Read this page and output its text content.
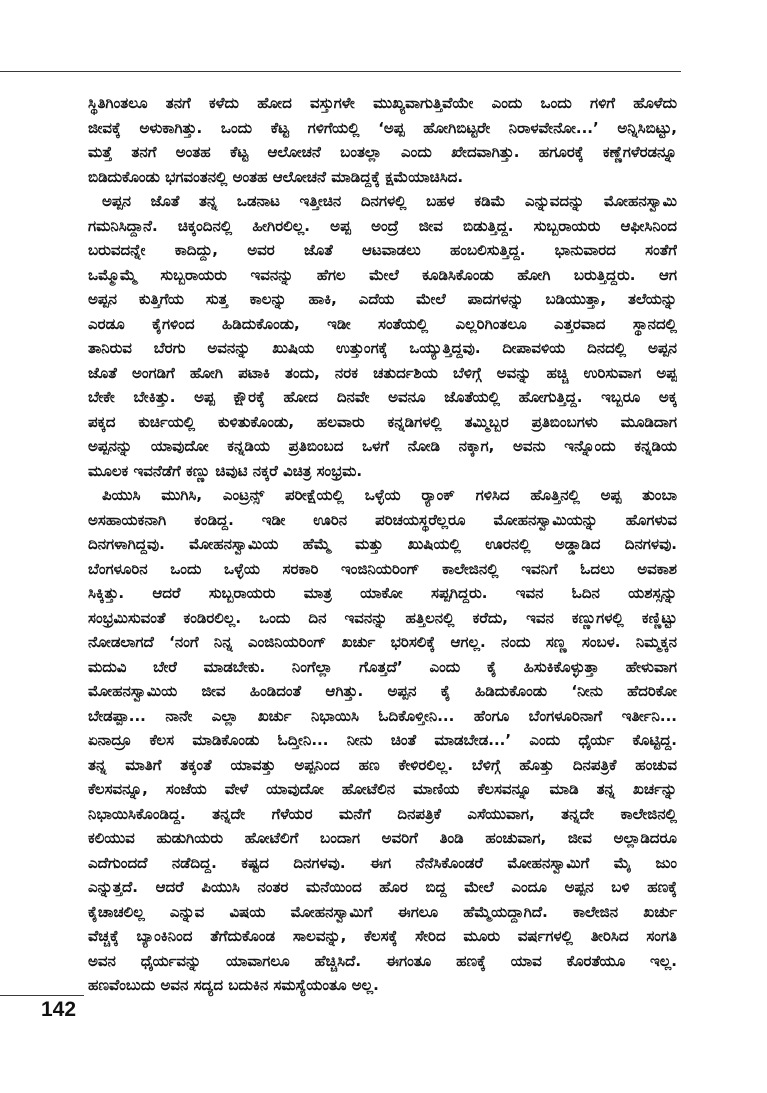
ಸ್ಥಿತಿಗಿಂತಲೂ ತನಗೆ ಕಳೆದು ಹೋದ ವಸ್ತುಗಳೇ ಮುಖ್ಯವಾಗುತ್ತಿವೆಯೇ ಎಂದು ಒಂದು ಗಳಿಗೆ ಹೊಳೆದು
ಜೀವಕ್ಕೆ ಅಳುಕಾಗಿತ್ತು. ಒಂದು ಕೆಟ್ಟ ಗಳಿಗೆಯಲ್ಲಿ ‘ಅಪ್ಪ ಹೋಗಿಬಿಟ್ಟರೇ ನಿರಾಳವೇನೋ...’ ಅನ್ನಿಸಿಬಿಟ್ಟು,
ಮತ್ತೆ ತನಗೆ ಅಂತಹ ಕೆಟ್ಟ ಆಲೋಚನೆ ಬಂತಲ್ಲಾ ಎಂದು ಖೇದವಾಗಿತ್ತು. ಹಗೂರಕ್ಕೆ ಕಣ್ಣೆಗಳೆರಡನ್ನೂ
ಬಿಡಿದುಕೊಂಡು ಭಗವಂತನಲ್ಲಿ ಅಂತಹ ಆಲೋಚನೆ ಮಾಡಿದ್ದಕ್ಕೆ ಕ್ಷಮೆಯಾಚಿಸಿದ.
ಅಪ್ಪನ ಜೊತೆ ತನ್ನ ಒಡನಾಟ ಇತ್ತೀಚಿನ ದಿನಗಳಲ್ಲಿ ಬಹಳ ಕಡಿಮೆ ಎನ್ನುವದನ್ನು ಮೋಹನಸ್ವಾಮಿ
ಗಮನಿಸಿದ್ದಾನೆ. ಚಿಕ್ಕಂದಿನಲ್ಲಿ ಹೀಗಿರಲಿಲ್ಲ. ಅಪ್ಪ ಅಂದ್ರೆ ಜೀವ ಬಿಡುತ್ತಿದ್ದ. ಸುಬ್ಬರಾಯರು ಆಫೀಸಿನಿಂದ
ಬರುವದನ್ನೇ ಕಾದಿದ್ದು, ಅವರ ಜೊತೆ ಆಟವಾಡಲು ಹಂಬಲಿಸುತ್ತಿದ್ದ. ಭಾನುವಾರದ ಸಂತೆಗೆ
ಒಮ್ಮೊಮ್ಮೆ ಸುಬ್ಬರಾಯರು ಇವನನ್ನು ಹೆಗಲ ಮೇಲೆ ಕೂಡಿಸಿಕೊಂಡು ಹೋಗಿ ಬರುತ್ತಿದ್ದರು. ಆಗ
ಅಪ್ಪನ ಕುತ್ತಿಗೆಯ ಸುತ್ತ ಕಾಲನ್ನು ಹಾಕಿ, ಎದೆಯ ಮೇಲೆ ಪಾದಗಳನ್ನು ಬಡಿಯುತ್ತಾ, ತಲೆಯನ್ನು
ಎರಡೂ ಕೈಗಳಿಂದ ಹಿಡಿದುಕೊಂಡು, ಇಡೀ ಸಂತೆಯಲ್ಲಿ ಎಲ್ಲರಿಗಿಂತಲೂ ಎತ್ತರವಾದ ಸ್ಥಾನದಲ್ಲಿ
ತಾನಿರುವ ಬೆರಗು ಅವನನ್ನು ಖುಷಿಯ ಉತ್ತುಂಗಕ್ಕೆ ಒಯ್ಯುತ್ತಿದ್ದವು. ದೀಪಾವಳಿಯ ದಿನದಲ್ಲಿ ಅಪ್ಪನ
ಜೊತೆ ಅಂಗಡಿಗೆ ಹೋಗಿ ಪಟಾಕಿ ತಂದು, ನರಕ ಚತುರ್ದಶಿಯ ಬೆಳಿಗ್ಗೆ ಅವನ್ನು ಹಚ್ಚಿ ಉರಿಸುವಾಗ ಅಪ್ಪ
ಬೇಕೇ ಬೇಕಿತ್ತು. ಅಪ್ಪ ಕ್ಷೌರಕ್ಕೆ ಹೋದ ದಿನವೇ ಅವನೂ ಜೊತೆಯಲ್ಲಿ ಹೋಗುತ್ತಿದ್ದ. ಇಬ್ಬರೂ ಅಕ್ಕ
ಪಕ್ಕದ ಕುರ್ಚಿಯಲ್ಲಿ ಕುಳಿತುಕೊಂಡು, ಹಲವಾರು ಕನ್ನಡಿಗಳಲ್ಲಿ ತಮ್ಮಿಬ್ಬರ ಪ್ರತಿಬಿಂಬಗಳು ಮೂಡಿದಾಗ
ಅಪ್ಪನನ್ನು ಯಾವುದೋ ಕನ್ನಡಿಯ ಪ್ರತಿಬಿಂಬದ ಒಳಗೆ ನೋಡಿ ನಕ್ಕಾಗ, ಅವನು ಇನ್ನೊಂದು ಕನ್ನಡಿಯ
ಮೂಲಕ ಇವನೆಡೆಗೆ ಕಣ್ಣು ಚಿವುಟಿ ನಕ್ಕರೆ ವಿಚಿತ್ರ ಸಂಭ್ರಮ.
ಪಿಯುಸಿ ಮುಗಿಸಿ, ಎಂಟ್ರನ್ಸ್ ಪರೀಕ್ಷೆಯಲ್ಲಿ ಒಳ್ಳೆಯ ರ‍್ಯಾಂಕ್ ಗಳಿಸಿದ ಹೊತ್ತಿನಲ್ಲಿ ಅಪ್ಪ ತುಂಬಾ
ಅಸಹಾಯಕನಾಗಿ ಕಂಡಿದ್ದ. ಇಡೀ ಊರಿನ ಪರಿಚಯಸ್ಥರೆಲ್ಲರೂ ಮೋಹನಸ್ವಾಮಿಯನ್ನು ಹೊಗಳುವ
ದಿನಗಳಾಗಿದ್ದವು. ಮೋಹನಸ್ವಾಮಿಯ ಹೆಮ್ಮೆ ಮತ್ತು ಖುಷಿಯಲ್ಲಿ ಊರನಲ್ಲಿ ಅಡ್ಡಾಡಿದ ದಿನಗಳವು.
ಬೆಂಗಳೂರಿನ ಒಂದು ಒಳ್ಳೆಯ ಸರಕಾರಿ ಇಂಜಿನಿಯರಿಂಗ್ ಕಾಲೇಜಿನಲ್ಲಿ ಇವನಿಗೆ ಓದಲು ಅವಕಾಶ
ಸಿಕ್ಕಿತ್ತು. ಆದರೆ ಸುಬ್ಬರಾಯರು ಮಾತ್ರ ಯಾಕೋ ಸಪ್ಪಗಿದ್ದರು. ಇವನ ಓದಿನ ಯಶಸ್ಸನ್ನು
ಸಂಭ್ರಮಿಸುವಂತೆ ಕಂಡಿರಲಿಲ್ಲ. ಒಂದು ದಿನ ಇವನನ್ನು ಹತ್ತಿಲನಲ್ಲಿ ಕರೆದು, ಇವನ ಕಣ್ಣುಗಳಲ್ಲಿ ಕಣ್ಣಿಟ್ಟು
ನೋಡಲಾಗದೆ ‘ನಂಗೆ ನಿನ್ನ ಎಂಜಿನಿಯರಿಂಗ್ ಖರ್ಚು ಭರಿಸಲಿಕ್ಕೆ ಆಗಲ್ಲ. ನಂದು ಸಣ್ಣ ಸಂಬಳ. ನಿಮ್ಮಕ್ಕನ
ಮದುವಿ ಬೇರೆ ಮಾಡಬೇಕು. ನಿಂಗೆಲ್ಲಾ ಗೊತ್ತದೆ’ ಎಂದು ಕೈ ಹಿಸುಕಿಕೊಳ್ಳುತ್ತಾ ಹೇಳುವಾಗ
ಮೋಹನಸ್ವಾಮಿಯ ಜೀವ ಹಿಂಡಿದಂತೆ ಆಗಿತ್ತು. ಅಪ್ಪನ ಕೈ ಹಿಡಿದುಕೊಂಡು ‘ನೀನು ಹೆದರಿಕೋ
ಬೇಡಪ್ಪಾ... ನಾನೇ ಎಲ್ಲಾ ಖರ್ಚು ನಿಭಾಯಿಸಿ ಓದಿಕೊಳ್ತೀನಿ... ಹೆಂಗೂ ಬೆಂಗಳೂರಿನಾಗೆ ಇರ್ತೀನಿ...
ಏನಾದ್ರೂ ಕೆಲಸ ಮಾಡಿಕೊಂಡು ಓದ್ತೀನಿ... ನೀನು ಚಿಂತೆ ಮಾಡಬೇಡ...’ ಎಂದು ಧೈರ್ಯ ಕೊಟ್ಟಿದ್ದ.
ತನ್ನ ಮಾತಿಗೆ ತಕ್ಕಂತೆ ಯಾವತ್ತು ಅಪ್ಪನಿಂದ ಹಣ ಕೇಳಿರಲಿಲ್ಲ. ಬೆಳಿಗ್ಗೆ ಹೊತ್ತು ದಿನಪತ್ರಿಕೆ ಹಂಚುವ
ಕೆಲಸವನ್ನೂ, ಸಂಜೆಯ ವೇಳೆ ಯಾವುದೋ ಹೋಟೆಲಿನ ಮಾಣಿಯ ಕೆಲಸವನ್ನೂ ಮಾಡಿ ತನ್ನ ಖರ್ಚನ್ನು
ನಿಭಾಯಿಸಿಕೊಂಡಿದ್ದ. ತನ್ನದೇ ಗೆಳೆಯರ ಮನೆಗೆ ದಿನಪತ್ರಿಕೆ ಎಸೆಯುವಾಗ, ತನ್ನದೇ ಕಾಲೇಜಿನಲ್ಲಿ
ಕಲಿಯುವ ಹುಡುಗಿಯರು ಹೋಟೆಲಿಗೆ ಬಂದಾಗ ಅವರಿಗೆ ತಿಂಡಿ ಹಂಚುವಾಗ, ಜೀವ ಅಲ್ಲಾಡಿದರೂ
ಎದೆಗುಂದದೆ ನಡೆದಿದ್ದ. ಕಷ್ಟದ ದಿನಗಳವು. ಈಗ ನೆನೆಸಿಕೊಂಡರೆ ಮೋಹನಸ್ವಾಮಿಗೆ ಮೈ ಜುಂ
ಎನ್ನುತ್ತದೆ. ಆದರೆ ಪಿಯುಸಿ ನಂತರ ಮನೆಯಿಂದ ಹೊರ ಬಿದ್ದ ಮೇಲೆ ಎಂದೂ ಅಪ್ಪನ ಬಳಿ ಹಣಕ್ಕೆ
ಕೈಚಾಚಲಿಲ್ಲ ಎನ್ನುವ ವಿಷಯ ಮೋಹನಸ್ವಾಮಿಗೆ ಈಗಲೂ ಹೆಮ್ಮೆಯದ್ದಾಗಿದೆ. ಕಾಲೇಜಿನ ಖರ್ಚು
ವೆಚ್ಚಕ್ಕೆ ಬ್ಯಾಂಕಿನಿಂದ ತೆಗೆದುಕೊಂಡ ಸಾಲವನ್ನು, ಕೆಲಸಕ್ಕೆ ಸೇರಿದ ಮೂರು ವರ್ಷಗಳಲ್ಲಿ ತೀರಿಸಿದ ಸಂಗತಿ
ಅವನ ಧೈರ್ಯವನ್ನು ಯಾವಾಗಲೂ ಹೆಚ್ಚಿಸಿದೆ. ಈಗಂತೂ ಹಣಕ್ಕೆ ಯಾವ ಕೊರತೆಯೂ ಇಲ್ಲ.
ಹಣವೆಂಬುದು ಅವನ ಸದ್ಯದ ಬದುಕಿನ ಸಮಸ್ಯೆಯಂತೂ ಅಲ್ಲ.
142
